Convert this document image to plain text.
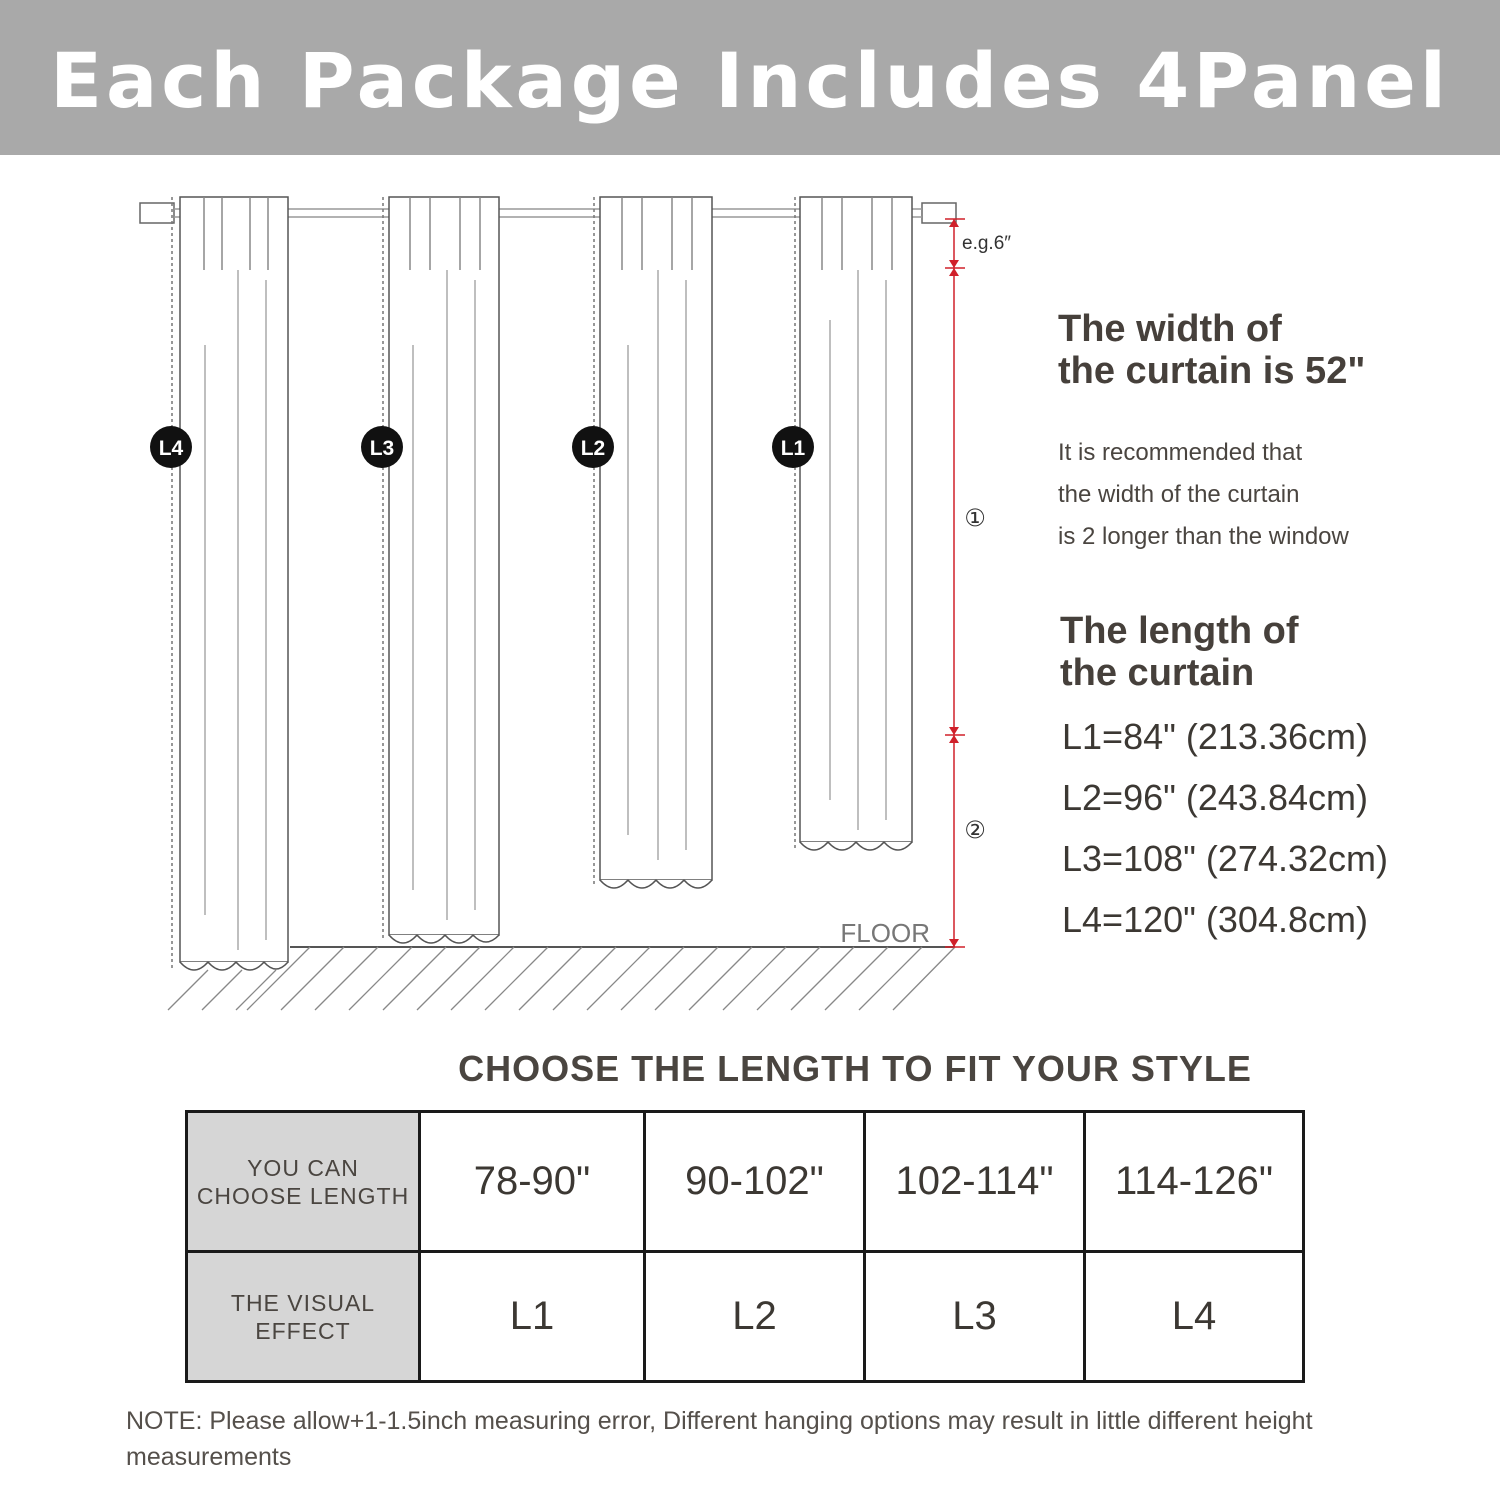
Each Package Includes 4Panel
FLOOR
e.g.6″
①
②
L4	L3	L2	L1
The width of
the curtain is 52"
It is recommended that
the width of the curtain
is 2 longer than the window
The length of
the curtain
L1=84" (213.36cm)
L2=96" (243.84cm)
L3=108" (274.32cm)
L4=120" (304.8cm)
CHOOSE THE LENGTH TO FIT YOUR STYLE
YOU CAN
CHOOSE LENGTH	78-90"	90-102"	102-114"	114-126"

THE VISUAL
EFFECT	L1	L2	L3	L4
NOTE: Please allow+1-1.5inch measuring error, Different hanging options may result in little different height measurements
